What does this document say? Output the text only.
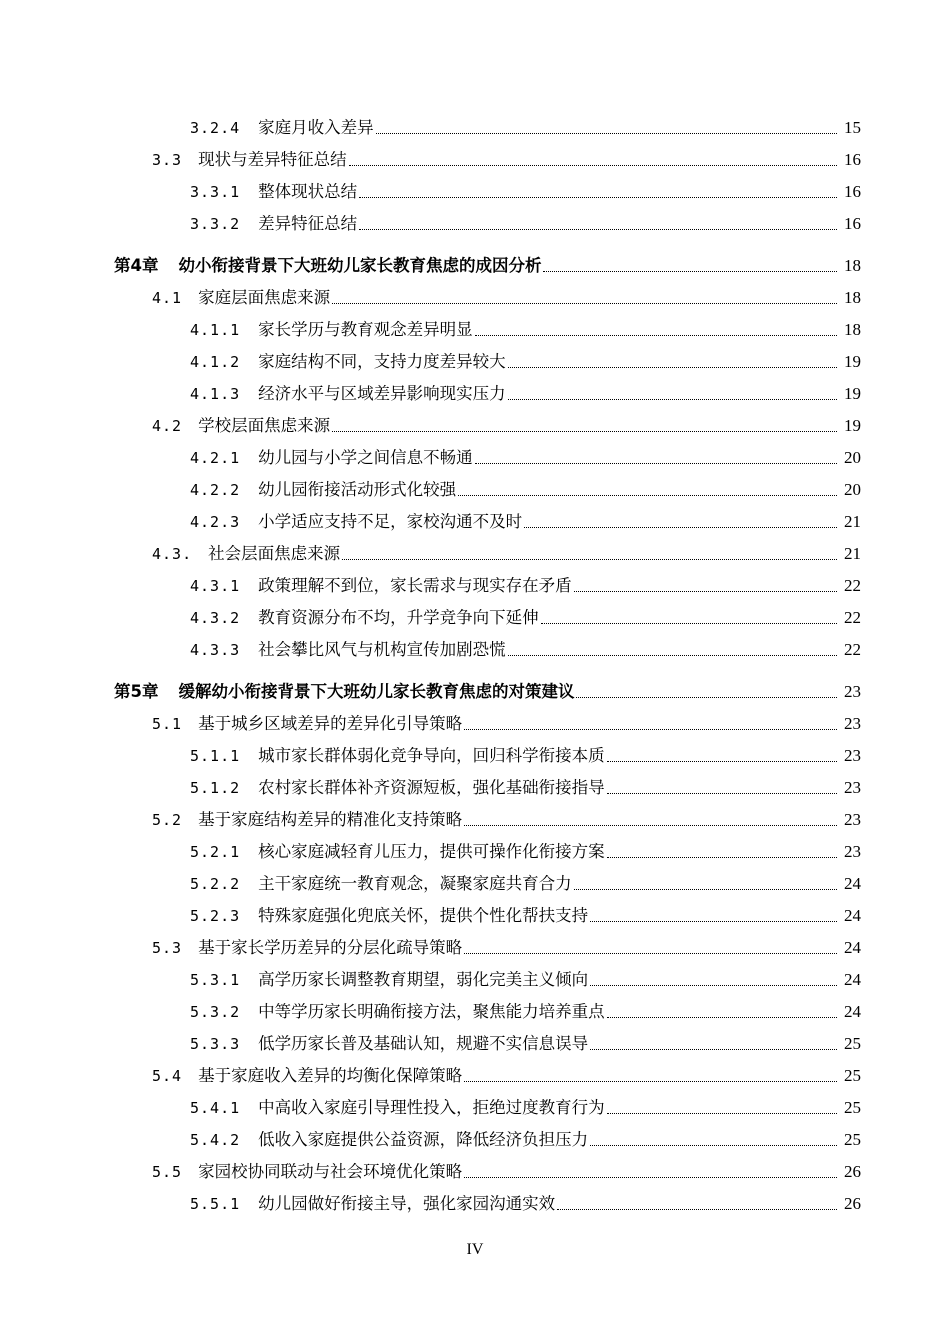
3.2.4 家庭月收入差异	15
3.3 现状与差异特征总结	16
3.3.1 整体现状总结	16
3.3.2 差异特征总结	16
第4章 幼小衔接背景下大班幼儿家长教育焦虑的成因分析	18
4.1 家庭层面焦虑来源	18
4.1.1 家长学历与教育观念差异明显	18
4.1.2 家庭结构不同，支持力度差异较大	19
4.1.3 经济水平与区域差异影响现实压力	19
4.2 学校层面焦虑来源	19
4.2.1 幼儿园与小学之间信息不畅通	20
4.2.2 幼儿园衔接活动形式化较强	20
4.2.3 小学适应支持不足，家校沟通不及时	21
4.3. 社会层面焦虑来源	21
4.3.1 政策理解不到位，家长需求与现实存在矛盾	22
4.3.2 教育资源分布不均，升学竞争向下延伸	22
4.3.3 社会攀比风气与机构宣传加剧恐慌	22
第5章 缓解幼小衔接背景下大班幼儿家长教育焦虑的对策建议	23
5.1 基于城乡区域差异的差异化引导策略	23
5.1.1 城市家长群体弱化竞争导向，回归科学衔接本质	23
5.1.2 农村家长群体补齐资源短板，强化基础衔接指导	23
5.2 基于家庭结构差异的精准化支持策略	23
5.2.1 核心家庭减轻育儿压力，提供可操作化衔接方案	23
5.2.2 主干家庭统一教育观念，凝聚家庭共育合力	24
5.2.3 特殊家庭强化兜底关怀，提供个性化帮扶支持	24
5.3 基于家长学历差异的分层化疏导策略	24
5.3.1 高学历家长调整教育期望，弱化完美主义倾向	24
5.3.2 中等学历家长明确衔接方法，聚焦能力培养重点	24
5.3.3 低学历家长普及基础认知，规避不实信息误导	25
5.4 基于家庭收入差异的均衡化保障策略	25
5.4.1 中高收入家庭引导理性投入，拒绝过度教育行为	25
5.4.2 低收入家庭提供公益资源，降低经济负担压力	25
5.5 家园校协同联动与社会环境优化策略	26
5.5.1 幼儿园做好衔接主导，强化家园沟通实效	26
IV
